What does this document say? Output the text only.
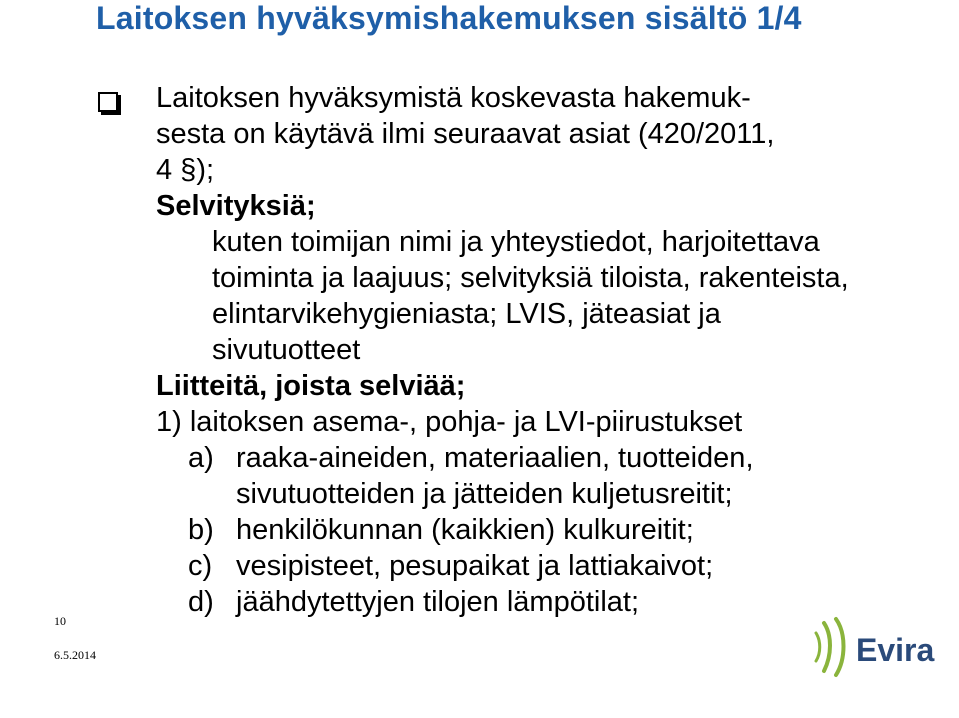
Laitoksen hyväksymishakemuksen sisältö 1/4
Laitoksen hyväksymistä koskevasta hakemuk-
sesta on käytävä ilmi seuraavat asiat (420/2011,
4 §);
Selvityksiä;
kuten toimijan nimi ja yhteystiedot, harjoitettava
toiminta ja laajuus; selvityksiä tiloista, rakenteista,
elintarvikehygieniasta; LVIS, jäteasiat ja
sivutuotteet
Liitteitä, joista selviää;
1) laitoksen asema-, pohja- ja LVI-piirustukset
a) raaka-aineiden, materiaalien, tuotteiden,
sivutuotteiden ja jätteiden kuljetusreitit;
b) henkilökunnan (kaikkien) kulkureitit;
c) vesipisteet, pesupaikat ja lattiakaivot;
d) jäähdytettyjen tilojen lämpötilat;
10
6.5.2014	Evira
